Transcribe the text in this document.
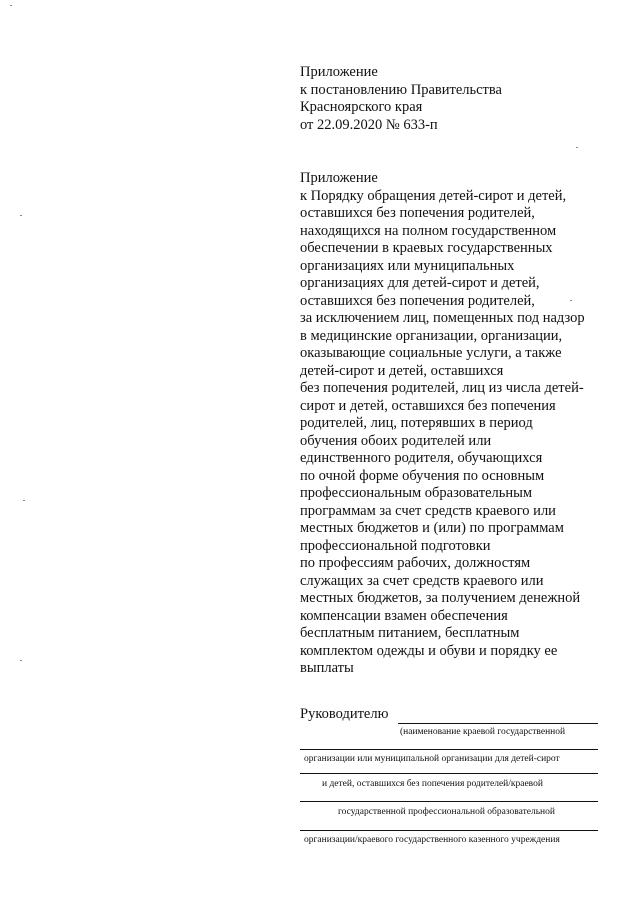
Приложение
к постановлению Правительства
Красноярского края
от 22.09.2020 № 633-п
Приложение
к Порядку обращения детей-сирот и детей,
оставшихся без попечения родителей,
находящихся на полном государственном
обеспечении в краевых государственных
организациях или муниципальных
организациях для детей-сирот и детей,
оставшихся без попечения родителей,
за исключением лиц, помещенных под надзор
в медицинские организации, организации,
оказывающие социальные услуги, а также
детей-сирот и детей, оставшихся
без попечения родителей, лиц из числа детей-
сирот и детей, оставшихся без попечения
родителей, лиц, потерявших в период
обучения обоих родителей или
единственного родителя, обучающихся
по очной форме обучения по основным
профессиональным образовательным
программам за счет средств краевого или
местных бюджетов и (или) по программам
профессиональной подготовки
по профессиям рабочих, должностям
служащих за счет средств краевого или
местных бюджетов, за получением денежной
компенсации взамен обеспечения
бесплатным питанием, бесплатным
комплектом одежды и обуви и порядку ее
выплаты
Руководителю
(наименование краевой государственной
организации или муниципальной организации для детей-сирот
и детей, оставшихся без попечения родителей/краевой
государственной профессиональной образовательной
организации/краевого государственного казенного учреждения
